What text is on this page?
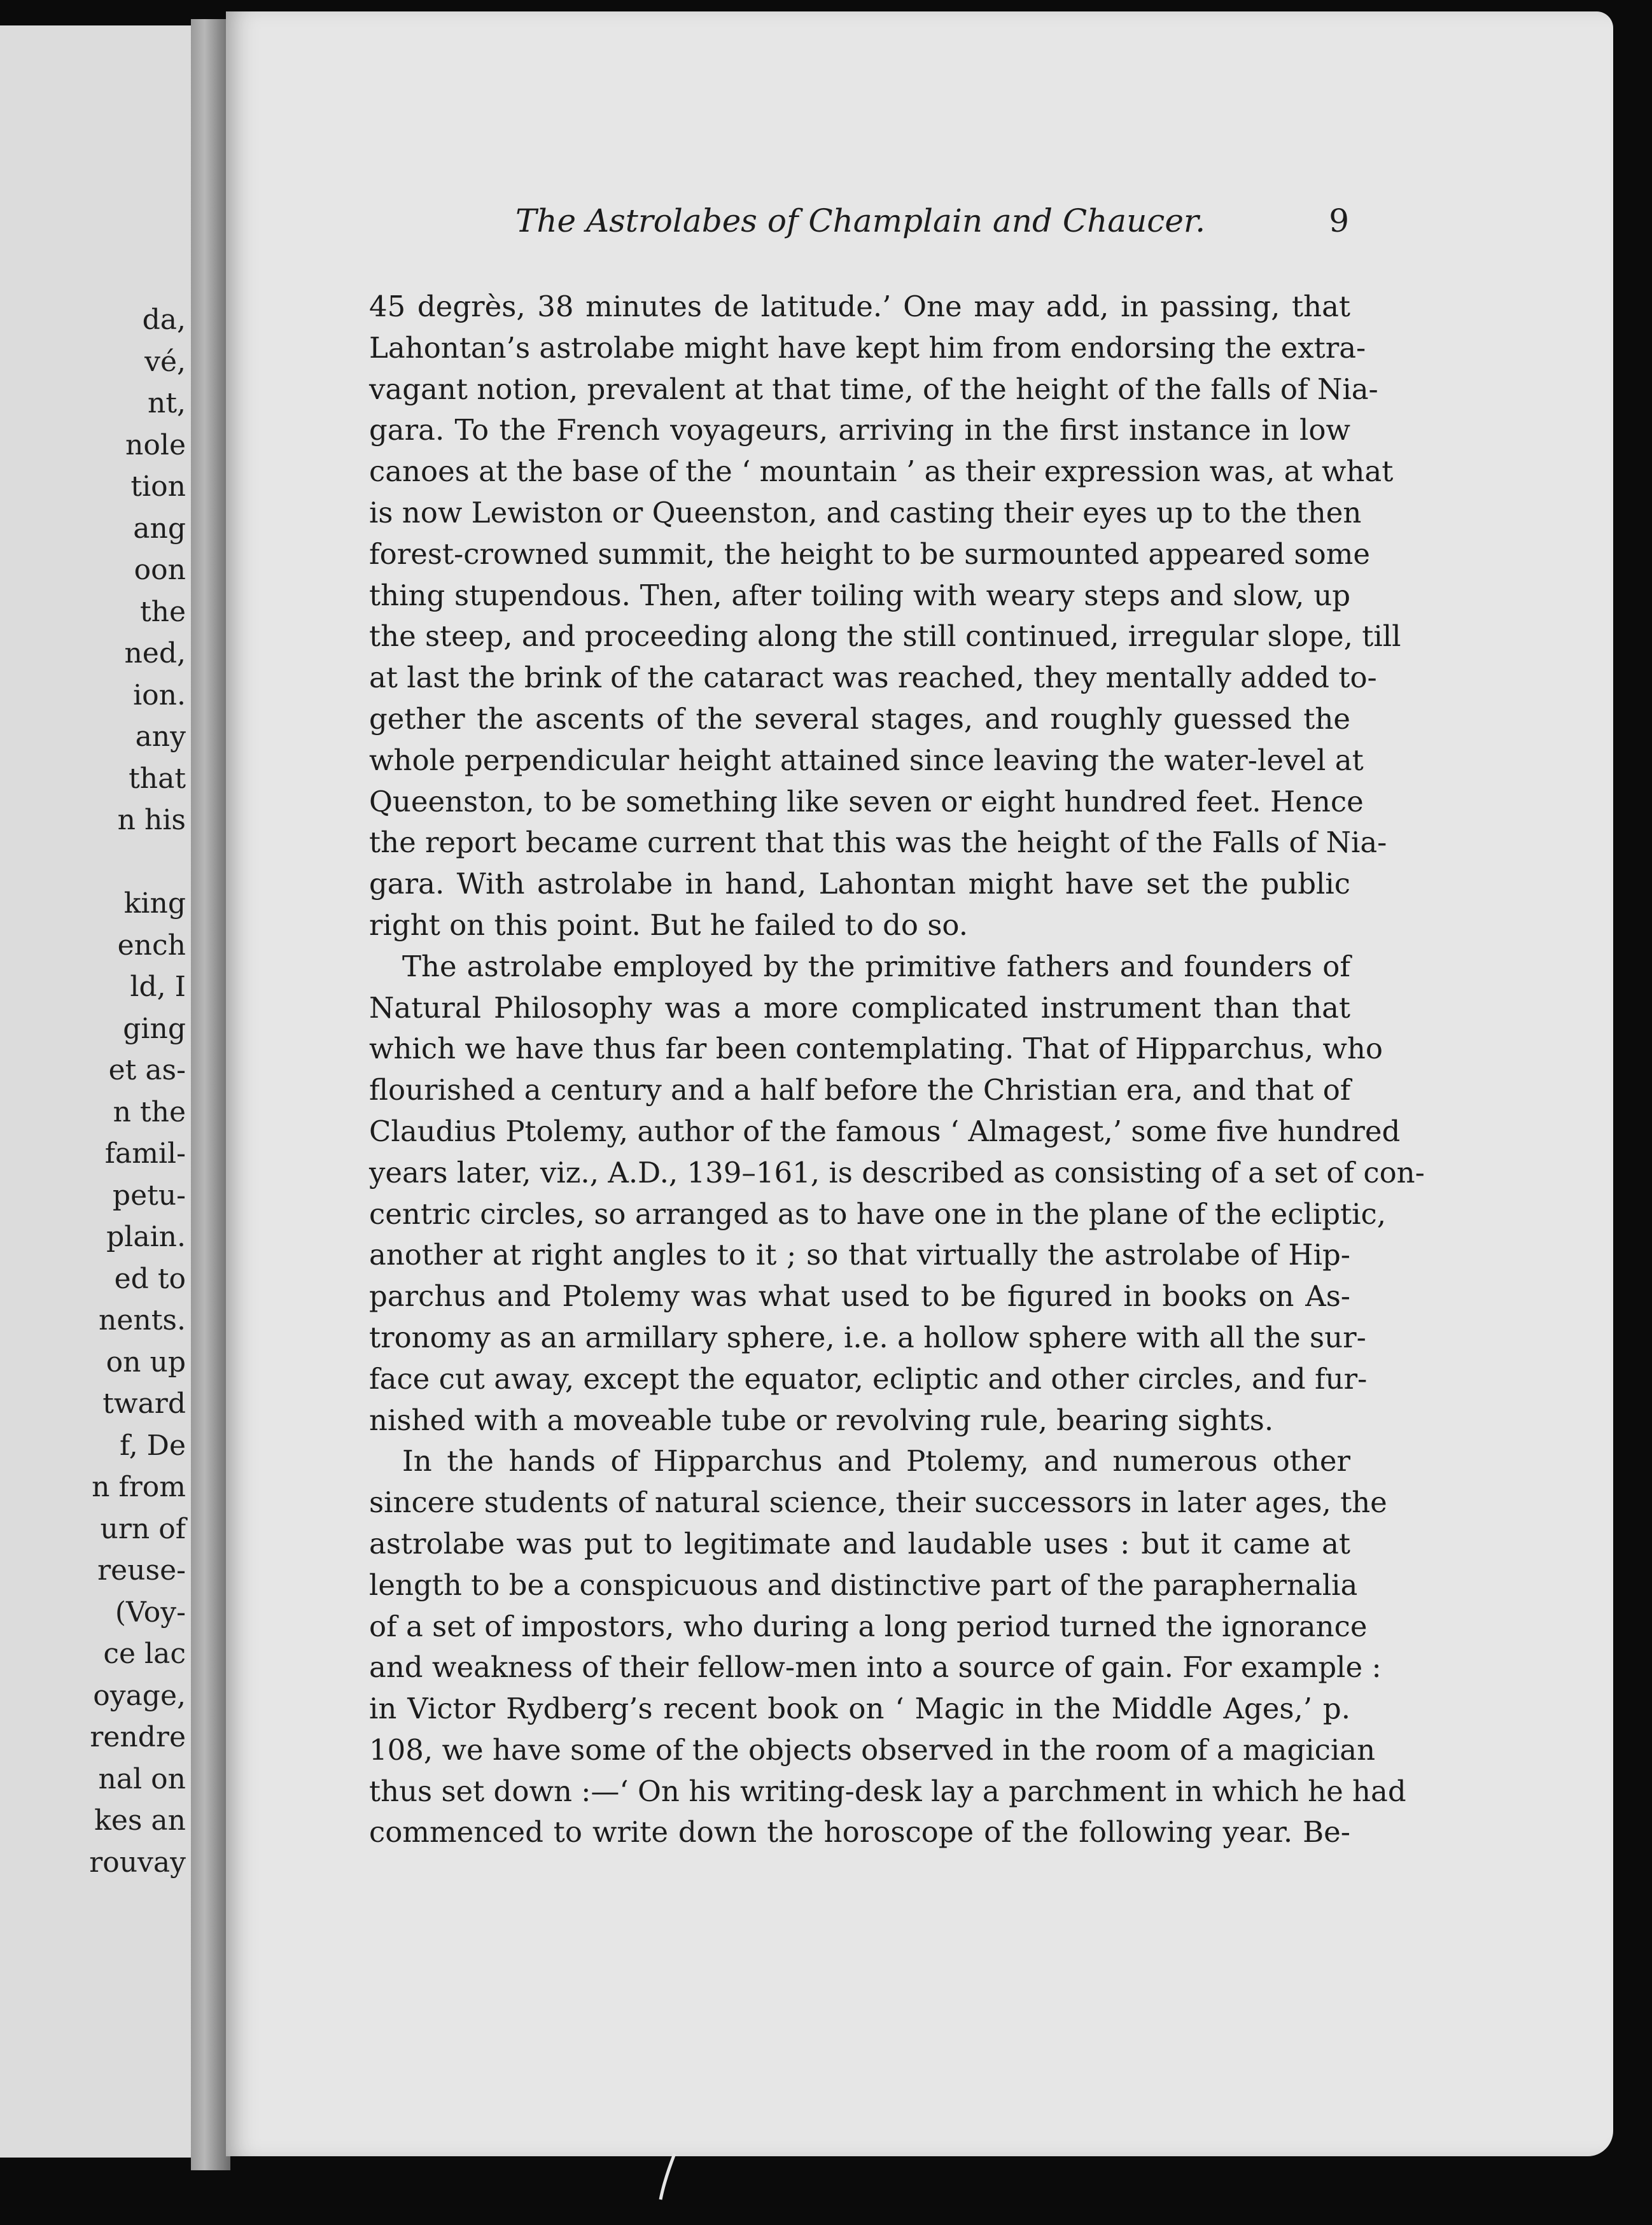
da,
vé,
nt,
nole
tion
ang
oon
the
ned,
ion.
any
that
n his
king
ench
ld, I
ging
et as-
n the
famil-
petu-
plain.
ed to
nents.
on up
tward
f, De
n from
urn of
reuse-
(Voy-
ce lac
oyage,
rendre
nal on
kes an
rouvay
The Astrolabes of Champlain and Chaucer.	9
45 degrès, 38 minutes de latitude.’ One may add, in passing, that
Lahontan’s astrolabe might have kept him from endorsing the extra-
vagant notion, prevalent at that time, of the height of the falls of Nia-
gara. To the French voyageurs, arriving in the first instance in low
canoes at the base of the ‘ mountain ’ as their expression was, at what
is now Lewiston or Queenston, and casting their eyes up to the then
forest-crowned summit, the height to be surmounted appeared some
thing stupendous. Then, after toiling with weary steps and slow, up
the steep, and proceeding along the still continued, irregular slope, till
at last the brink of the cataract was reached, they mentally added to-
gether the ascents of the several stages, and roughly guessed the
whole perpendicular height attained since leaving the water-level at
Queenston, to be something like seven or eight hundred feet. Hence
the report became current that this was the height of the Falls of Nia-
gara. With astrolabe in hand, Lahontan might have set the public
right on this point. But he failed to do so.
The astrolabe employed by the primitive fathers and founders of
Natural Philosophy was a more complicated instrument than that
which we have thus far been contemplating. That of Hipparchus, who
flourished a century and a half before the Christian era, and that of
Claudius Ptolemy, author of the famous ‘ Almagest,’ some five hundred
years later, viz., A.D., 139–161, is described as consisting of a set of con-
centric circles, so arranged as to have one in the plane of the ecliptic,
another at right angles to it ; so that virtually the astrolabe of Hip-
parchus and Ptolemy was what used to be figured in books on As-
tronomy as an armillary sphere, i.e. a hollow sphere with all the sur-
face cut away, except the equator, ecliptic and other circles, and fur-
nished with a moveable tube or revolving rule, bearing sights.
In the hands of Hipparchus and Ptolemy, and numerous other
sincere students of natural science, their successors in later ages, the
astrolabe was put to legitimate and laudable uses : but it came at
length to be a conspicuous and distinctive part of the paraphernalia
of a set of impostors, who during a long period turned the ignorance
and weakness of their fellow-men into a source of gain. For example :
in Victor Rydberg’s recent book on ‘ Magic in the Middle Ages,’ p.
108, we have some of the objects observed in the room of a magician
thus set down :—‘ On his writing-desk lay a parchment in which he had
commenced to write down the horoscope of the following year. Be-
